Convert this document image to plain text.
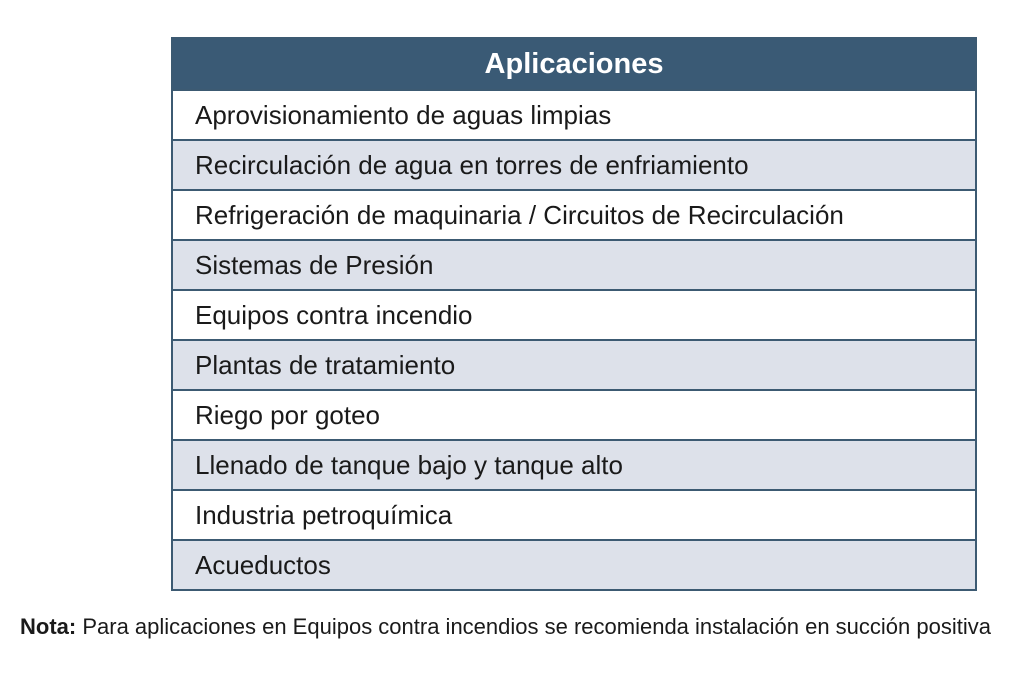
Aplicaciones
Aprovisionamiento de aguas limpias
Recirculación de agua en torres de enfriamiento
Refrigeración de maquinaria / Circuitos de Recirculación
Sistemas de Presión
Equipos contra incendio
Plantas de tratamiento
Riego por goteo
Llenado de tanque bajo y tanque alto
Industria petroquímica
Acueductos
Nota: Para aplicaciones en Equipos contra incendios se recomienda instalación en succión positiva
